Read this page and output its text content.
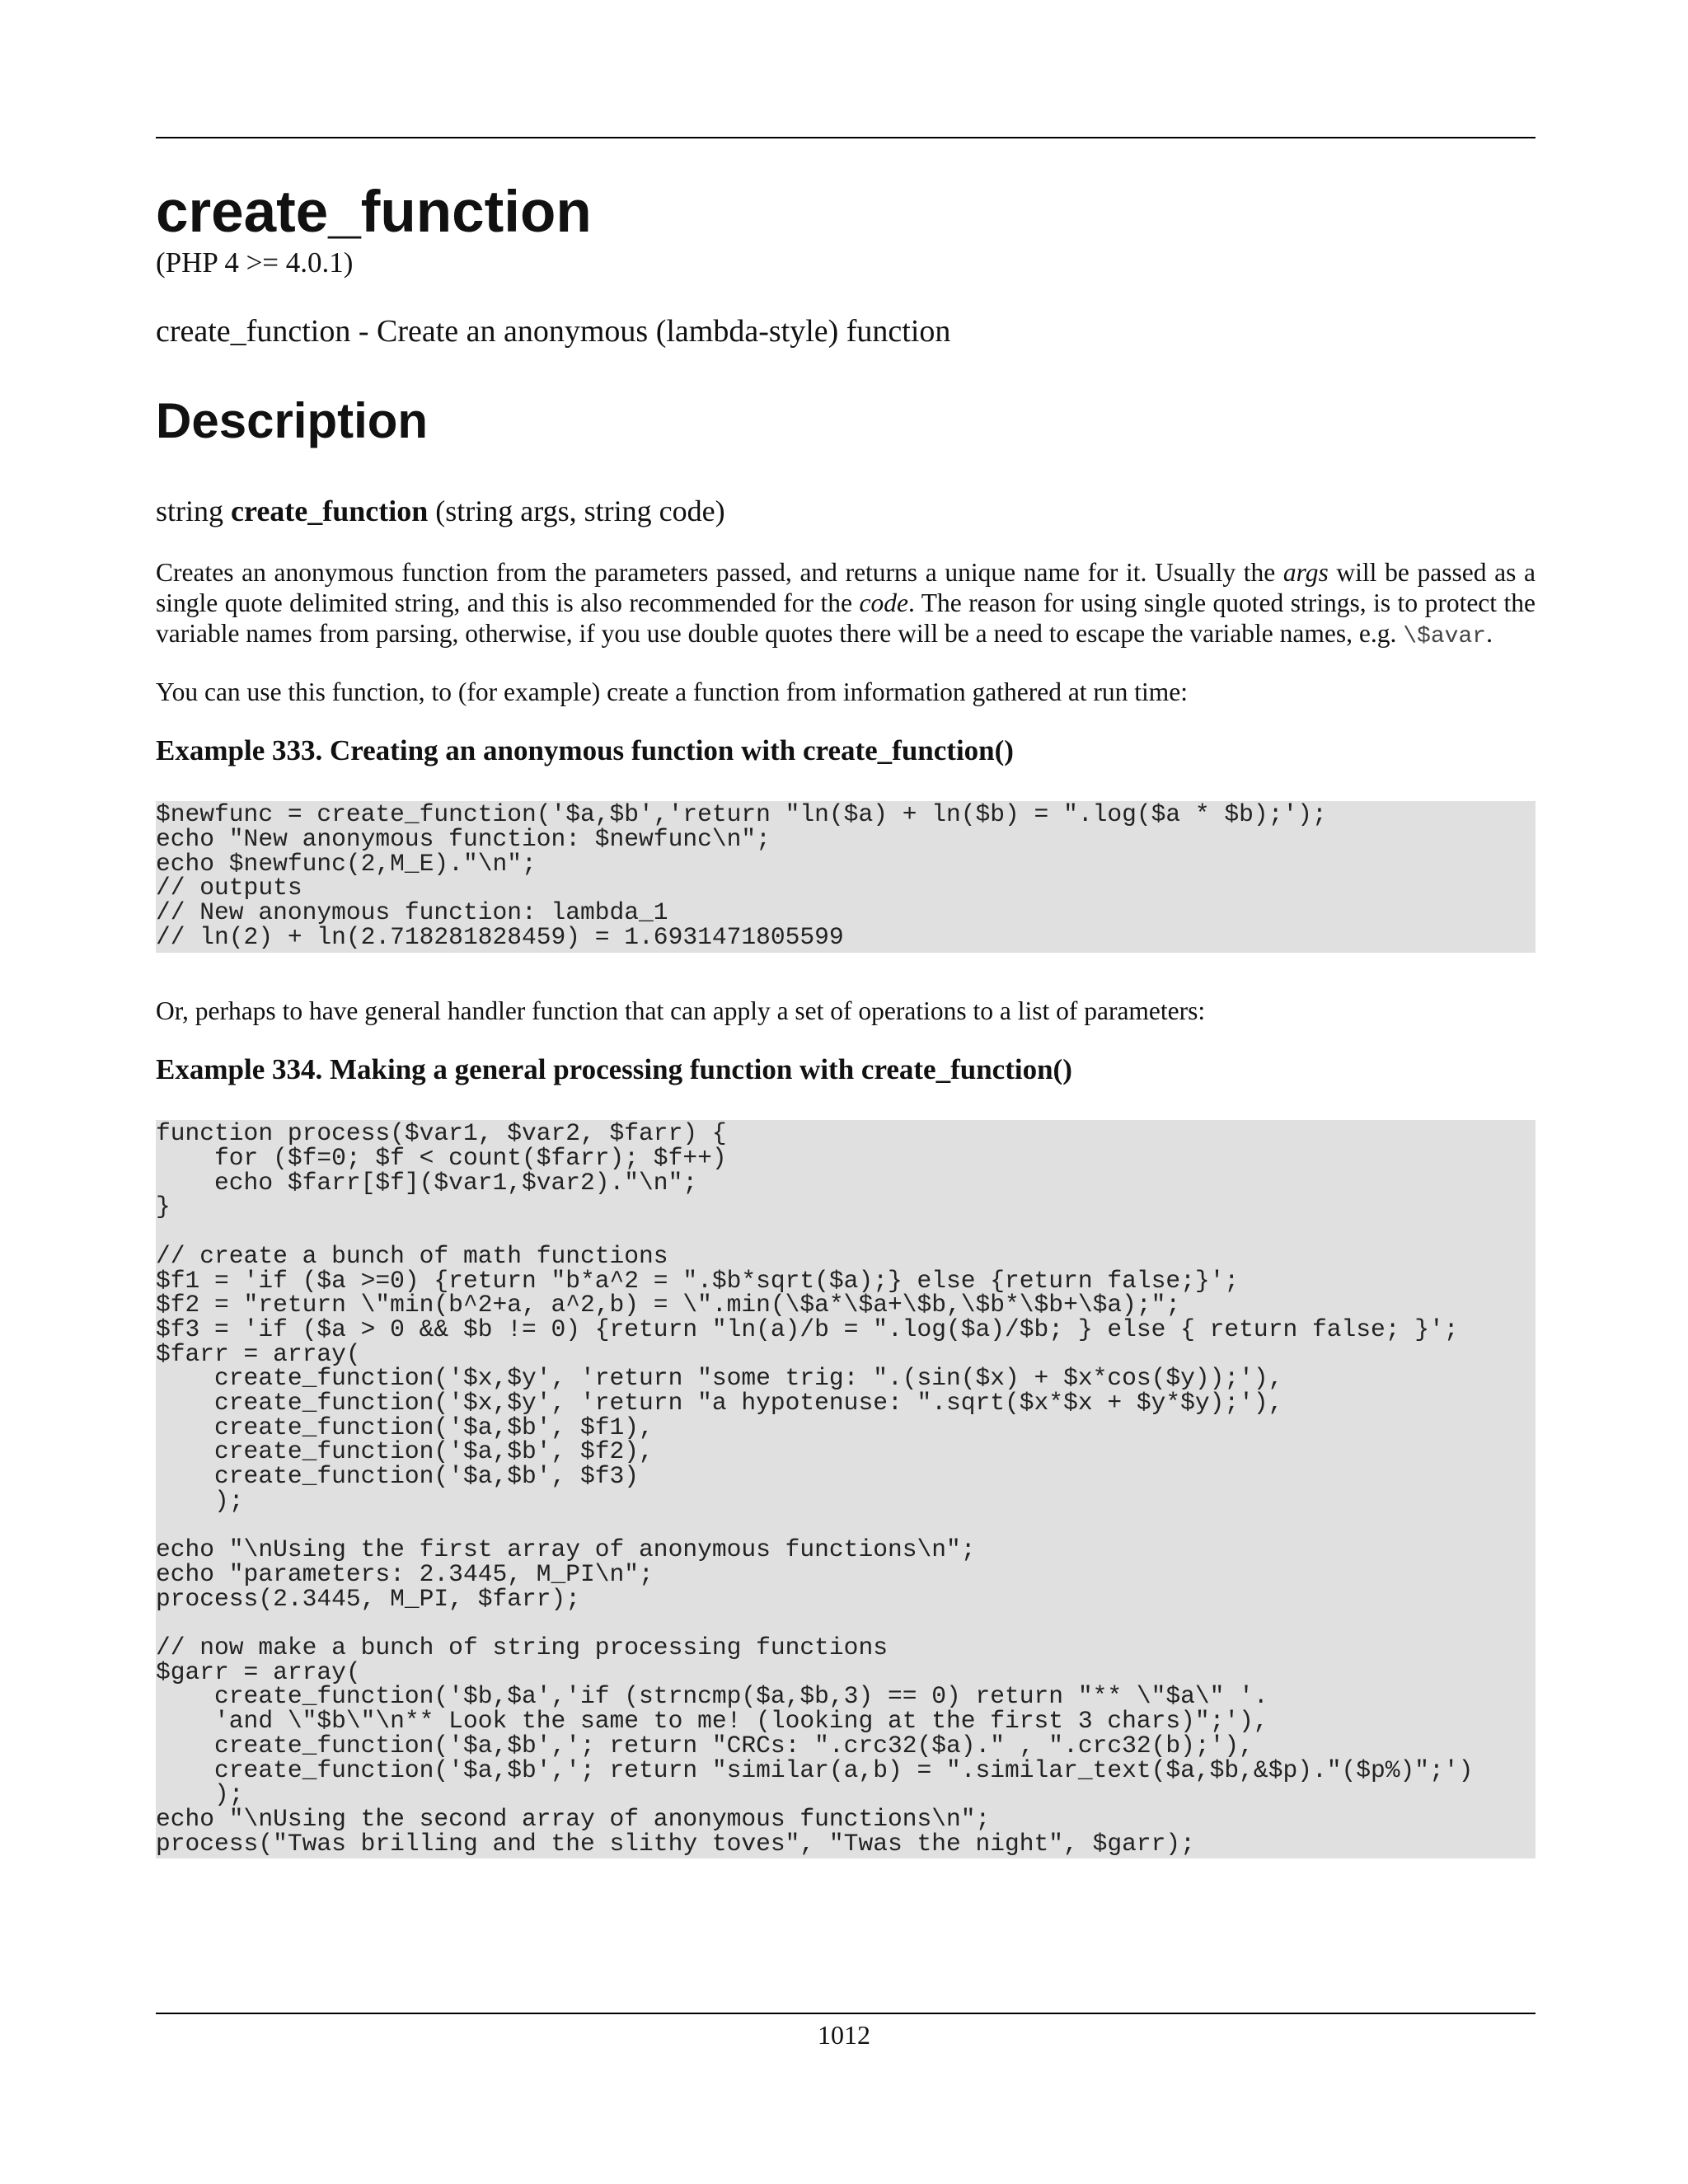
create_function
(PHP 4 >= 4.0.1)
create_function - Create an anonymous (lambda-style) function
Description
string create_function (string args, string code)

Creates an anonymous function from the parameters passed, and returns a unique name for it. Usually the args will be passed as a single quote delimited string, and this is also recommended for the code. The reason for using single quoted strings, is to protect the variable names from parsing, otherwise, if you use double quotes there will be a need to escape the variable names, e.g. \$avar.

You can use this function, to (for example) create a function from information gathered at run time:

Example 333. Creating an anonymous function with create_function()
$newfunc = create_function('$a,$b','return "ln($a) + ln($b) = ".log($a * $b);');
echo "New anonymous function: $newfunc\n";
echo $newfunc(2,M_E)."\n";
// outputs
// New anonymous function: lambda_1
// ln(2) + ln(2.718281828459) = 1.6931471805599

Or, perhaps to have general handler function that can apply a set of operations to a list of parameters:

Example 334. Making a general processing function with create_function()
function process($var1, $var2, $farr) {
for ($f=0; $f < count($farr); $f++)
echo $farr[$f]($var1,$var2)."\n";
}

// create a bunch of math functions
$f1 = 'if ($a >=0) {return "b*a^2 = ".$b*sqrt($a);} else {return false;}';
$f2 = "return \"min(b^2+a, a^2,b) = \".min(\$a*\$a+\$b,\$b*\$b+\$a);";
$f3 = 'if ($a > 0 && $b != 0) {return "ln(a)/b = ".log($a)/$b; } else { return false; }';
$farr = array(
create_function('$x,$y', 'return "some trig: ".(sin($x) + $x*cos($y));'),
create_function('$x,$y', 'return "a hypotenuse: ".sqrt($x*$x + $y*$y);'),
create_function('$a,$b', $f1),
create_function('$a,$b', $f2),
create_function('$a,$b', $f3)
);

echo "\nUsing the first array of anonymous functions\n";
echo "parameters: 2.3445, M_PI\n";
process(2.3445, M_PI, $farr);

// now make a bunch of string processing functions
$garr = array(
create_function('$b,$a','if (strncmp($a,$b,3) == 0) return "** \"$a\" '.
'and \"$b\"\n** Look the same to me! (looking at the first 3 chars)";'),
create_function('$a,$b','; return "CRCs: ".crc32($a)." , ".crc32(b);'),
create_function('$a,$b','; return "similar(a,b) = ".similar_text($a,$b,&$p)."($p%)";')
);
echo "\nUsing the second array of anonymous functions\n";
process("Twas brilling and the slithy toves", "Twas the night", $garr);
1012
